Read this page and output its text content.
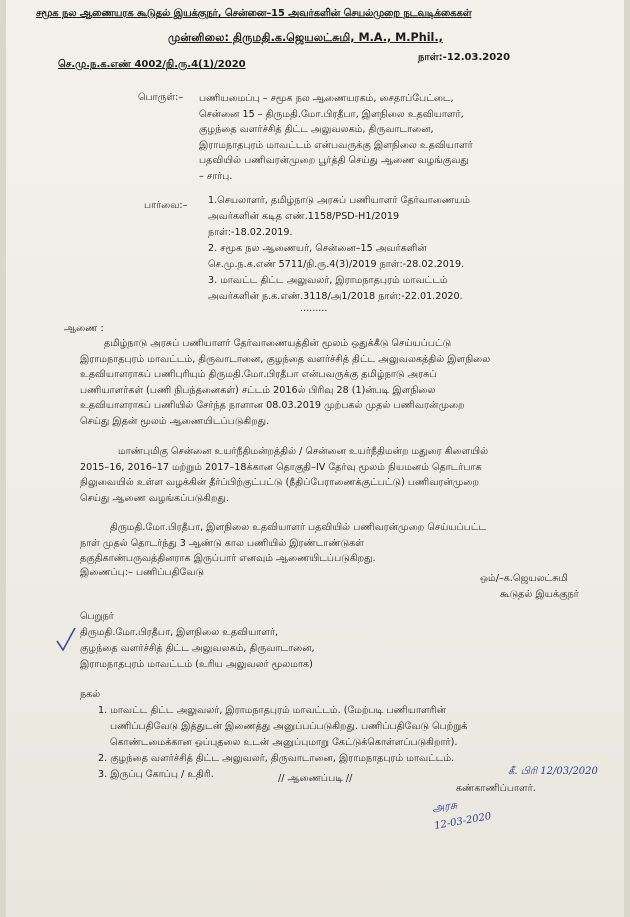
சமூக நல ஆணையரக கூடுதல் இயக்குநர், சென்னை–15 அவர்களின் செயல்முறை நடவடிக்கைகள்
முன்னிலை: திருமதி.க.ஜெயலட்சுமி, M.A., M.Phil.,
செ.மு.ந.க.எண் 4002/நி.ரு.4(1)/2020
நாள்:-12.03.2020
பொருள்:– பணியமைப்பு – சமூக நல ஆணையரகம், சைதாப்பேட்டை,
சென்னை 15 – திருமதி.மோ.பிரதீபா, இளநிலை உதவியாளர்,
குழந்தை வளர்ச்சித் திட்ட அலுவலகம், திருவாடானை,
இராமநாதபுரம் மாவட்டம் என்பவருக்கு இளநிலை உதவியாளர்
பதவியில் பணிவரன்முறை பூர்த்தி செய்து ஆணை வழங்குவது
– சார்பு.
பார்வை:– 1.செயலாளர், தமிழ்நாடு அரசுப் பணியாளர் தேர்வாணையம்
அவர்களின் கடித எண்.1158/PSD-H1/2019
நாள்:-18.02.2019.
2. சமூக நல ஆணையர், சென்னை–15 அவர்களின்
செ.மு.ந.க.எண் 5711/நி.ரு.4(3)/2019 நாள்:-28.02.2019.
3. மாவட்ட திட்ட அலுவலர், இராமநாதபுரம் மாவட்டம்
அவர்களின் ந.க.எண்.3118/அ1/2018 நாள்:-22.01.2020.
.........
ஆணை :
தமிழ்நாடு அரசுப் பணியாளர் தேர்வாணையத்தின் மூலம் ஒதுக்கீடு செய்யப்பட்டு
இராமநாதபுரம் மாவட்டம், திருவாடானை, குழந்தை வளர்ச்சித் திட்ட அலுவலகத்தில் இளநிலை
உதவியாளராகப் பணிபுரியும் திருமதி.மோ.பிரதீபா என்பவருக்கு தமிழ்நாடு அரசுப்
பணியாளர்கள் (பணி நிபந்தனைகள்) சட்டம் 2016ல் பிரிவு 28 (1)ன்படி இளநிலை
உதவியாளராகப் பணியில் சேர்ந்த நாளான 08.03.2019 முற்பகல் முதல் பணிவரன்முறை
செய்து இதன் மூலம் ஆணையிடப்படுகிறது.
மாண்புமிகு சென்னை உயர்நீதிமன்றத்தில் / சென்னை உயர்நீதிமன்ற மதுரை கிளையில்
2015–16, 2016–17 மற்றும் 2017–18க்கான தொகுதி–IV தேர்வு மூலம் நியமனம் தொடர்பாக
நிலுவையில் உள்ள வழக்கின் தீர்ப்பிற்குட்பட்டு (நீதிப்பேராணைக்குட்பட்டு) பணிவரன்முறை
செய்து ஆணை வழங்கப்படுகிறது.
திருமதி.மோ.பிரதீபா, இளநிலை உதவியாளர் பதவியில் பணிவரன்முறை செய்யப்பட்ட
நாள் முதல் தொடர்ந்து 3 ஆண்டு கால பணியில் இரண்டாண்டுகள்
தகுதிகாண்பருவத்தினராக இருப்பார் எனவும் ஆணையிடப்படுகிறது.
இணைப்பு:– பணிப்பதிவேடு
ஒம்/–க.ஜெயலட்சுமி
கூடுதல் இயக்குநர்
பெறுநர்
திருமதி.மோ.பிரதீபா, இளநிலை உதவியாளர்,
குழந்தை வளர்ச்சித் திட்ட அலுவலகம், திருவாடானை,
இராமநாதபுரம் மாவட்டம் (உரிய அலுவலர் மூலமாக)
நகல்
1. மாவட்ட திட்ட அலுவலர், இராமநாதபுரம் மாவட்டம். (மேற்படி பணியாளரின்
பணிப்பதிவேடு இத்துடன் இணைத்து அனுப்பப்படுகிறது. பணிப்பதிவேடு பெற்றுக்
கொண்டமைக்கான ஒப்புதலை உடன் அனுப்புமாறு கேட்டுக்கொள்ளப்படுகிறார்).
2. குழந்தை வளர்ச்சித் திட்ட அலுவலர், திருவாடானை, இராமநாதபுரம் மாவட்டம்.
3. இருப்பு கோப்பு / உதிரி.	// ஆணைப்படி //
கண்காணிப்பாளர்.
கீ. பிரி 12/03/2020
அரசு
12-03-2020
